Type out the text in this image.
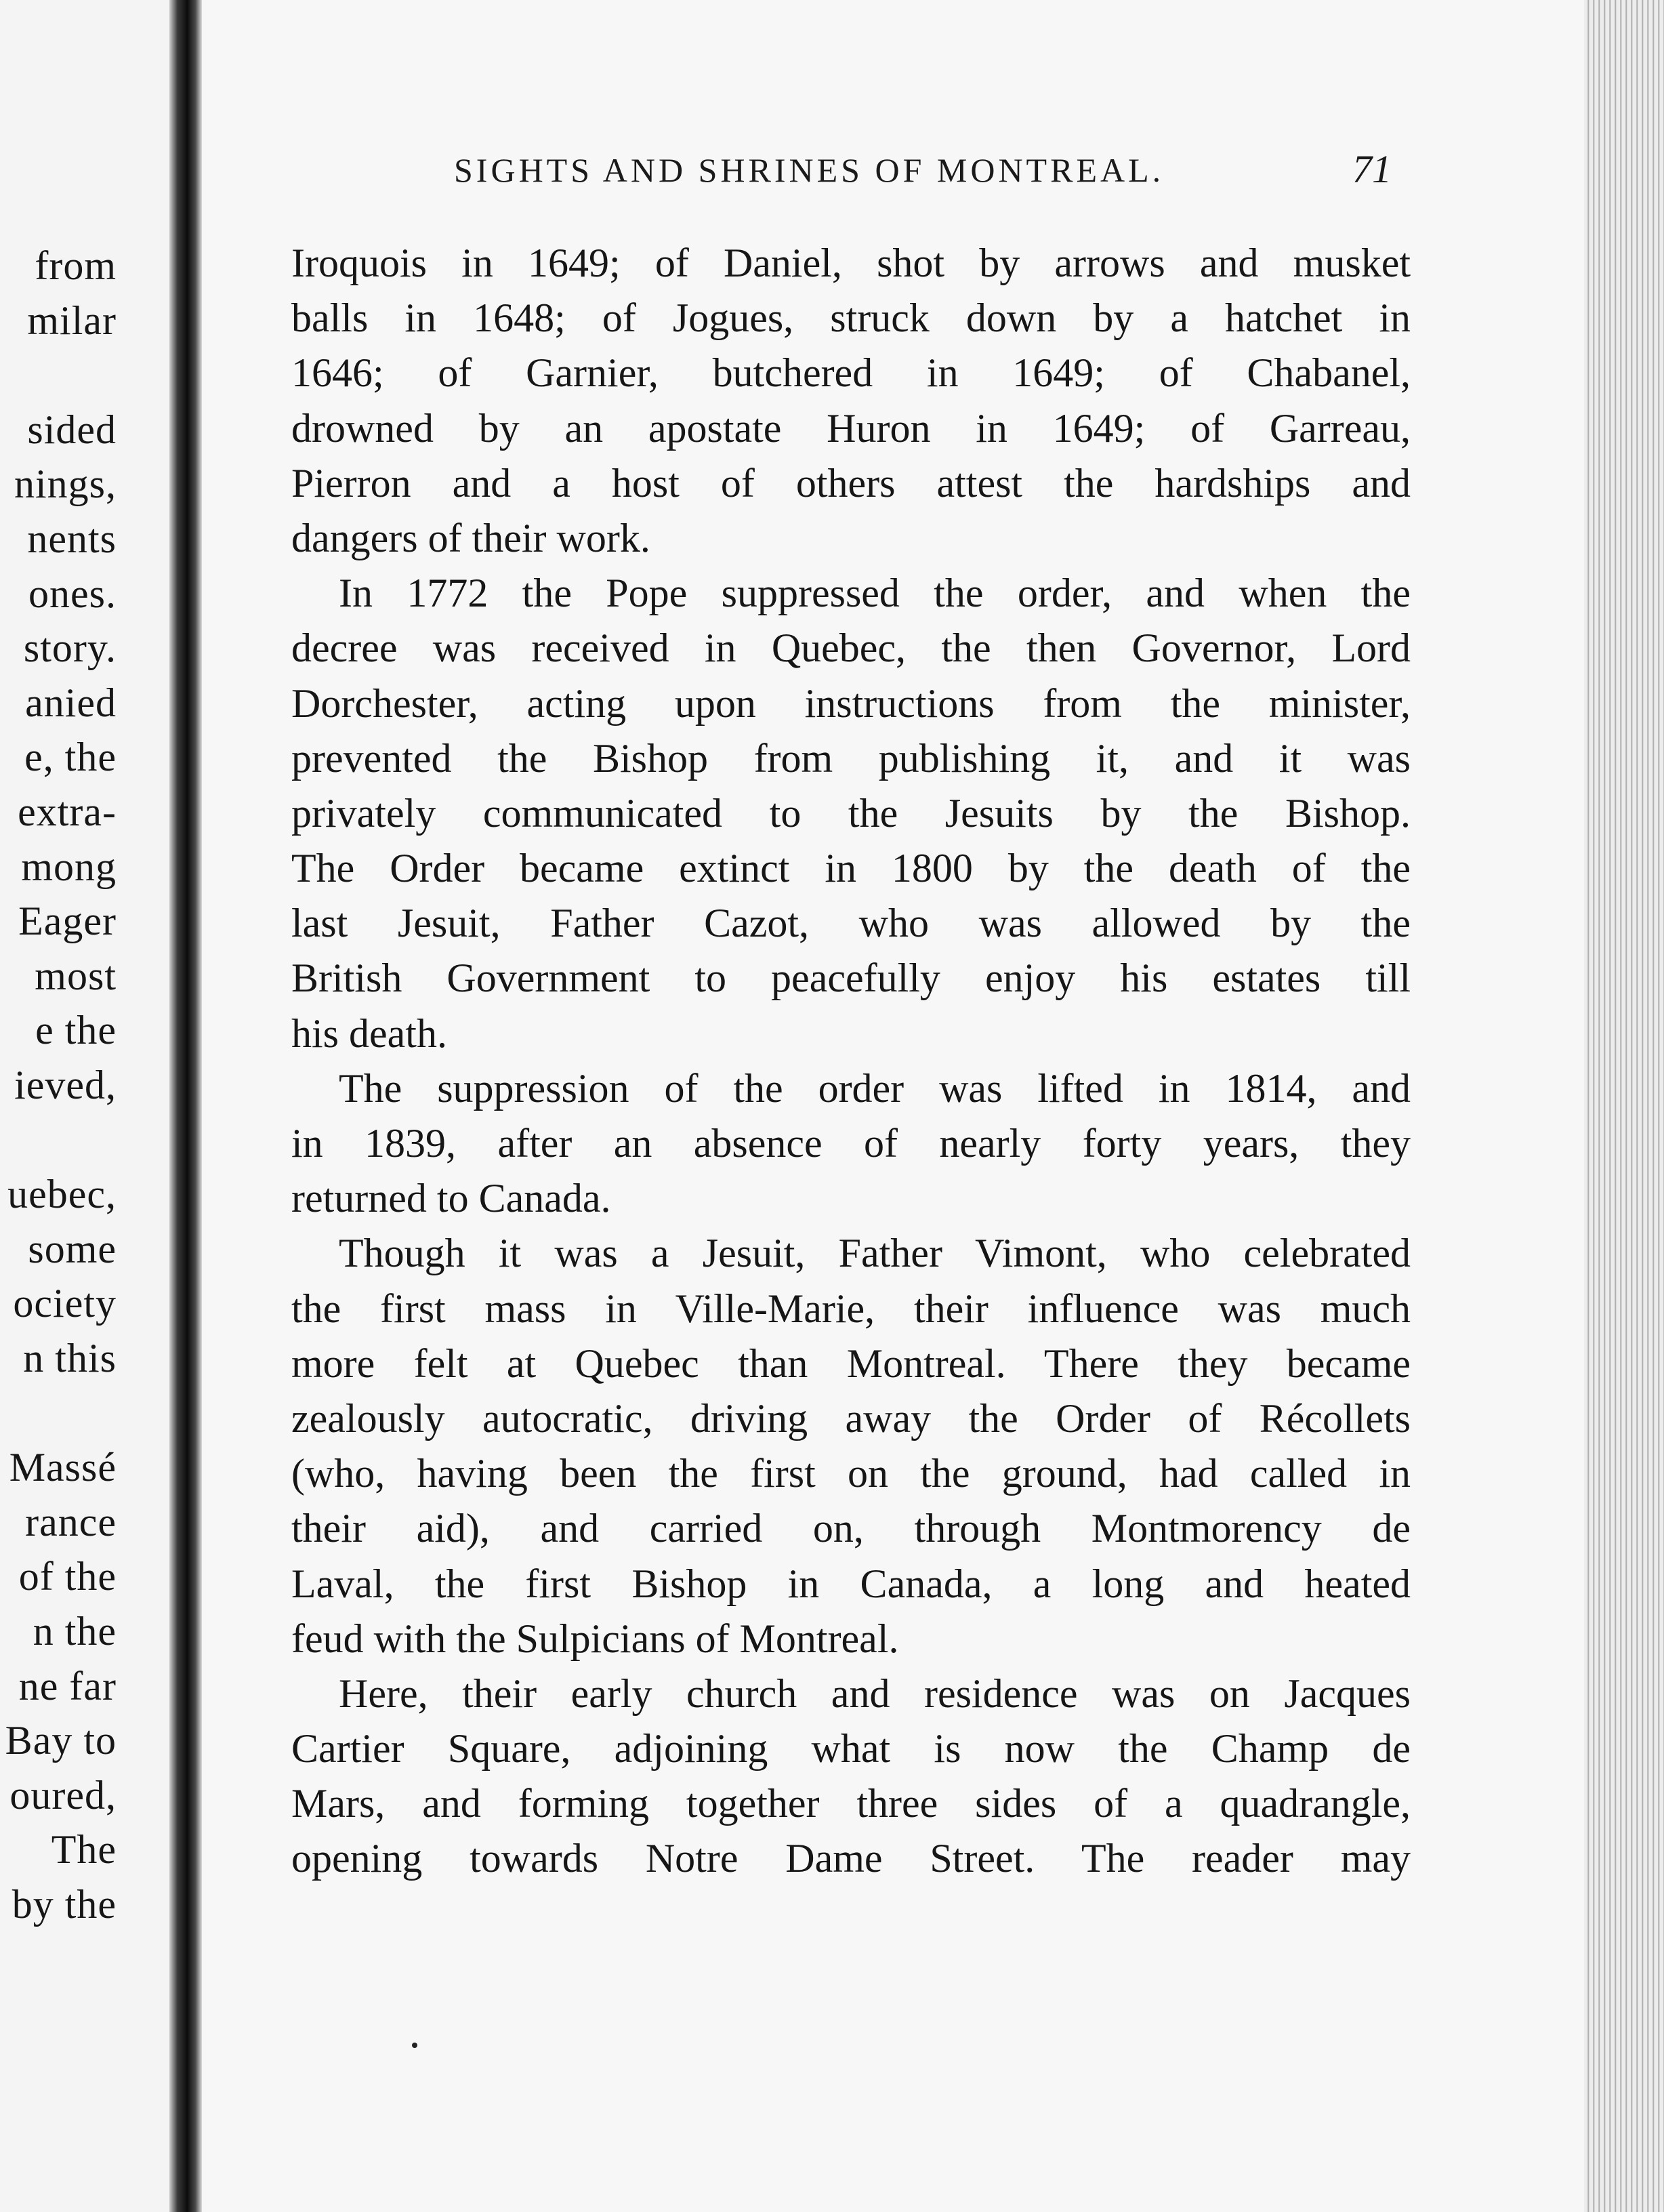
from
milar
sided
nings,
nents
ones.
story.
anied
e, the
extra-
mong
Eager
most
e the
ieved,
uebec,
some
ociety
n this
Massé
rance
of the
n the
ne far
Bay to
oured,
The
by the
SIGHTS AND SHRINES OF MONTREAL.	71
Iroquois in 1649; of Daniel, shot by arrows and musket
balls in 1648; of Jogues, struck down by a hatchet in
1646; of Garnier, butchered in 1649; of Chabanel,
drowned by an apostate Huron in 1649; of Garreau,
Pierron and a host of others attest the hardships and
dangers of their work.
In 1772 the Pope suppressed the order, and when the
decree was received in Quebec, the then Governor, Lord
Dorchester, acting upon instructions from the minister,
prevented the Bishop from publishing it, and it was
privately communicated to the Jesuits by the Bishop.
The Order became extinct in 1800 by the death of the
last Jesuit, Father Cazot, who was allowed by the
British Government to peacefully enjoy his estates till
his death.
The suppression of the order was lifted in 1814, and
in 1839, after an absence of nearly forty years, they
returned to Canada.
Though it was a Jesuit, Father Vimont, who celebrated
the first mass in Ville-Marie, their influence was much
more felt at Quebec than Montreal. There they became
zealously autocratic, driving away the Order of Récollets
(who, having been the first on the ground, had called in
their aid), and carried on, through Montmorency de
Laval, the first Bishop in Canada, a long and heated
feud with the Sulpicians of Montreal.
Here, their early church and residence was on Jacques
Cartier Square, adjoining what is now the Champ de
Mars, and forming together three sides of a quadrangle,
opening towards Notre Dame Street. The reader may
